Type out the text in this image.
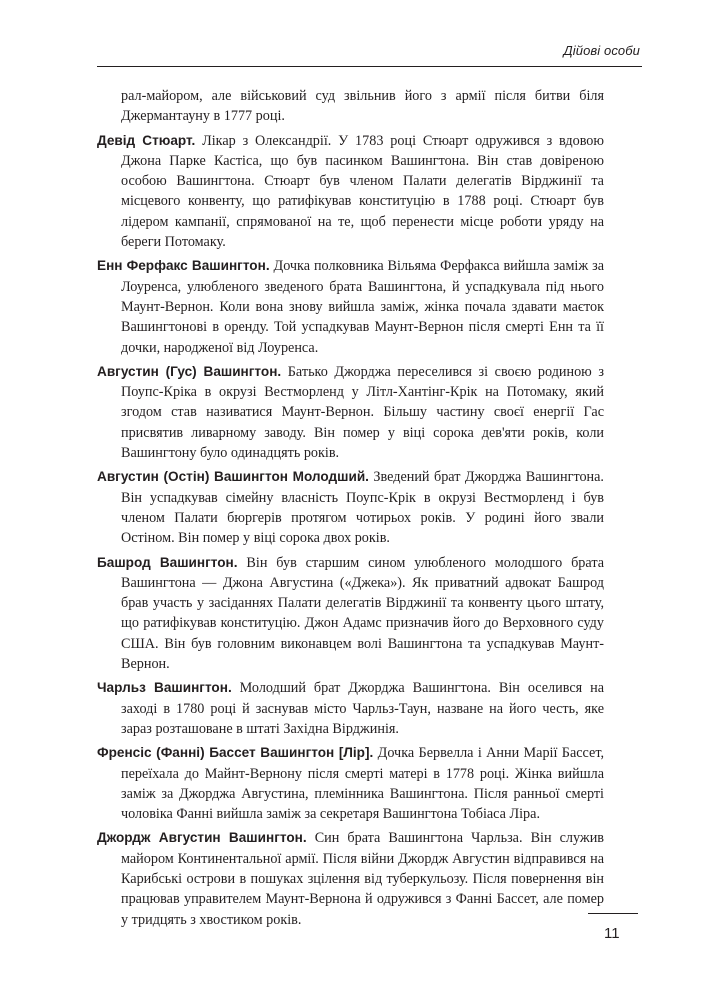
Дійові особи

рал-майором, але військовий суд звільнив його з армії після битви біля Джермантауну в 1777 році.

Девід Стюарт. Лікар з Олександрії. У 1783 році Стюарт одружився з вдовою Джона Парке Кастіса, що був пасинком Вашингтона. Він став довіреною особою Вашингтона. Стюарт був членом Палати делегатів Вірджинії та місцевого конвенту, що ратифікував конституцію в 1788 році. Стюарт був лідером кампанії, спрямованої на те, щоб перенести місце роботи уряду на береги Потомаку.

Енн Ферфакс Вашингтон. Дочка полковника Вільяма Ферфакса вийшла заміж за Лоуренса, улюбленого зведеного брата Вашингтона, й успадкувала під нього Маунт-Вернон. Коли вона знову вийшла заміж, жінка почала здавати маєток Вашингтонові в оренду. Той успадкував Маунт-Вернон після смерті Енн та її дочки, народженої від Лоуренса.

Августин (Гус) Вашингтон. Батько Джорджа переселився зі своєю родиною з Поупс-Кріка в окрузі Вестморленд у Літл-Хантінг-Крік на Потомаку, який згодом став називатися Маунт-Вернон. Більшу частину своєї енергії Гас присвятив ливарному заводу. Він помер у віці сорока дев'яти років, коли Вашингтону було одинадцять років.

Августин (Остін) Вашингтон Молодший. Зведений брат Джорджа Вашингтона. Він успадкував сімейну власність Поупс-Крік в окрузі Вестморленд і був членом Палати бюргерів протягом чотирьох років. У родині його звали Остіном. Він помер у віці сорока двох років.

Башрод Вашингтон. Він був старшим сином улюбленого молодшого брата Вашингтона — Джона Августина («Джека»). Як приватний адвокат Башрод брав участь у засіданнях Палати делегатів Вірджинії та конвенту цього штату, що ратифікував конституцію. Джон Адамс призначив його до Верховного суду США. Він був головним виконавцем волі Вашингтона та успадкував Маунт-Вернон.

Чарльз Вашингтон. Молодший брат Джорджа Вашингтона. Він оселився на заході в 1780 році й заснував місто Чарльз-Таун, назване на його честь, яке зараз розташоване в штаті Західна Вірджинія.

Френсіс (Фанні) Бассет Вашингтон [Лір]. Дочка Бервелла і Анни Марії Бассет, переїхала до Майнт-Вернону після смерті матері в 1778 році. Жінка вийшла заміж за Джорджа Августина, племінника Вашингтона. Після ранньої смерті чоловіка Фанні вийшла заміж за секретаря Вашингтона Тобіаса Ліра.

Джордж Августин Вашингтон. Син брата Вашингтона Чарльза. Він служив майором Континентальної армії. Після війни Джордж Августин відправився на Карибські острови в пошуках зцілення від туберкульозу. Після повернення він працював управителем Маунт-Вернона й одружився з Фанні Бассет, але помер у тридцять з хвостиком років.

11
